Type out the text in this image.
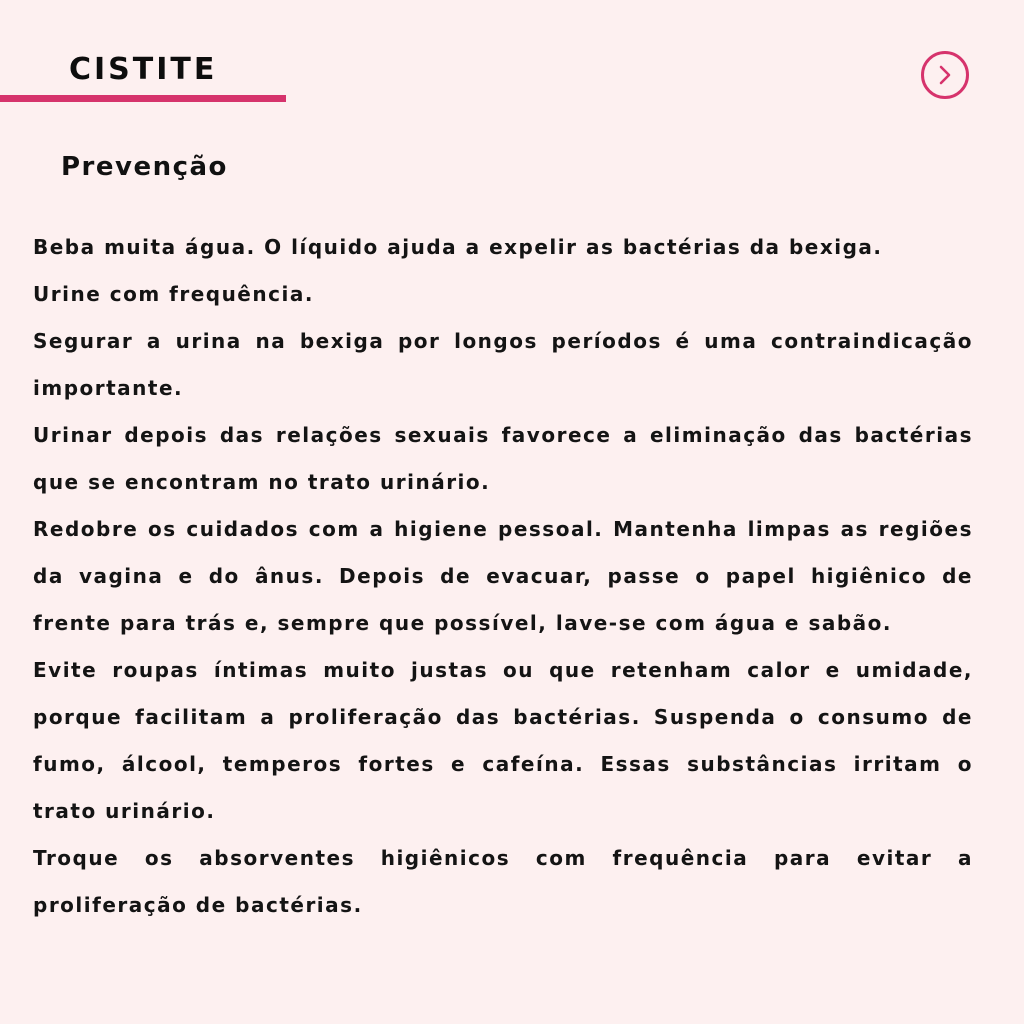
CISTITE
Prevenção

Beba muita água. O líquido ajuda a expelir as bactérias da bexiga.

Urine com frequência.

Segurar a urina na bexiga por longos períodos é uma contraindicação importante.

Urinar depois das relações sexuais favorece a eliminação das bactérias que se encontram no trato urinário.

Redobre os cuidados com a higiene pessoal. Mantenha limpas as regiões da vagina e do ânus. Depois de evacuar, passe o papel higiênico de frente para trás e, sempre que possível, lave-se com água e sabão.

Evite roupas íntimas muito justas ou que retenham calor e umidade, porque facilitam a proliferação das bactérias. Suspenda o consumo de fumo, álcool, temperos fortes e cafeína. Essas substâncias irritam o trato urinário.

Troque os absorventes higiênicos com frequência para evitar a proliferação de bactérias.
